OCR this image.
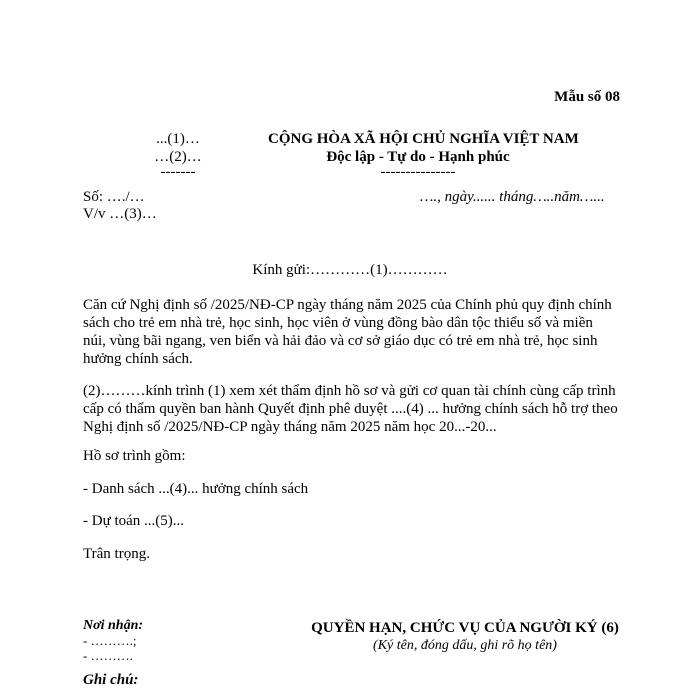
Mẫu số 08
...(1)…
…(2)…
-------
CỘNG HÒA XÃ HỘI CHỦ NGHĨA VIỆT NAM
Độc lập - Tự do - Hạnh phúc
---------------
Số: …./…
V/v …(3)…
…., ngày...... tháng…..năm…...
Kính gửi:…………(1)…………
Căn cứ Nghị định số /2025/NĐ-CP ngày tháng năm 2025 của Chính phủ quy định chính sách cho trẻ em nhà trẻ, học sinh, học viên ở vùng đồng bào dân tộc thiểu số và miền núi, vùng bãi ngang, ven biển và hải đảo và cơ sở giáo dục có trẻ em nhà trẻ, học sinh hưởng chính sách.
(2)………kính trình (1) xem xét thẩm định hồ sơ và gửi cơ quan tài chính cùng cấp trình cấp có thẩm quyền ban hành Quyết định phê duyệt ....(4) ... hưởng chính sách hỗ trợ theo Nghị định số /2025/NĐ-CP ngày tháng năm 2025 năm học 20...-20...
Hồ sơ trình gồm:
- Danh sách ...(4)... hưởng chính sách
- Dự toán ...(5)...
Trân trọng.
Nơi nhận:
- ……….;
- ……….
QUYỀN HẠN, CHỨC VỤ CỦA NGƯỜI KÝ (6)
(Ký tên, đóng dấu, ghi rõ họ tên)
Ghi chú:
